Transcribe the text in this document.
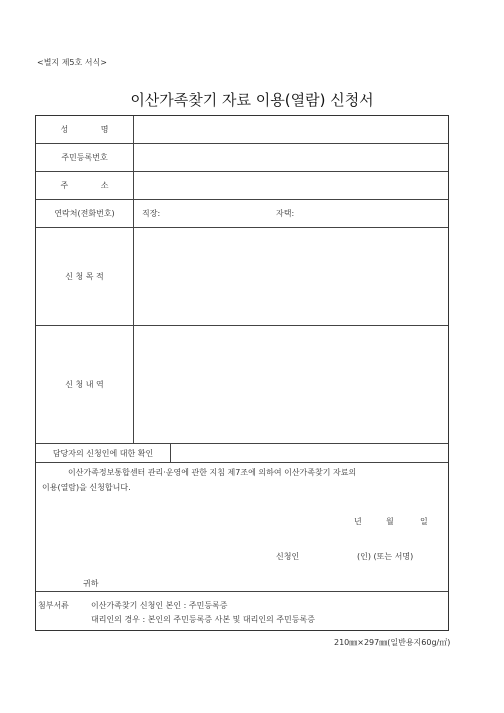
<별지 제5호 서식>
이산가족찾기 자료 이용(열람) 신청서
성 명
주민등록번호
주 소
연락처(전화번호)	직장:	자택:
신 청 목 적
신 청 내 역
담당자의 신청인에 대한 확인
이산가족정보통합센터 관리·운영에 관한 지침 제7조에 의하여 이산가족찾기 자료의
이용(열람)을 신청합니다.
년	월	일
신청인	(인) (또는 서명)
귀하
첨부서류	이산가족찾기 신청인 본인 : 주민등록증
대리인의 경우 : 본인의 주민등록증 사본 및 대리인의 주민등록증
210㎜×297㎜(일반용지60g/㎡)
